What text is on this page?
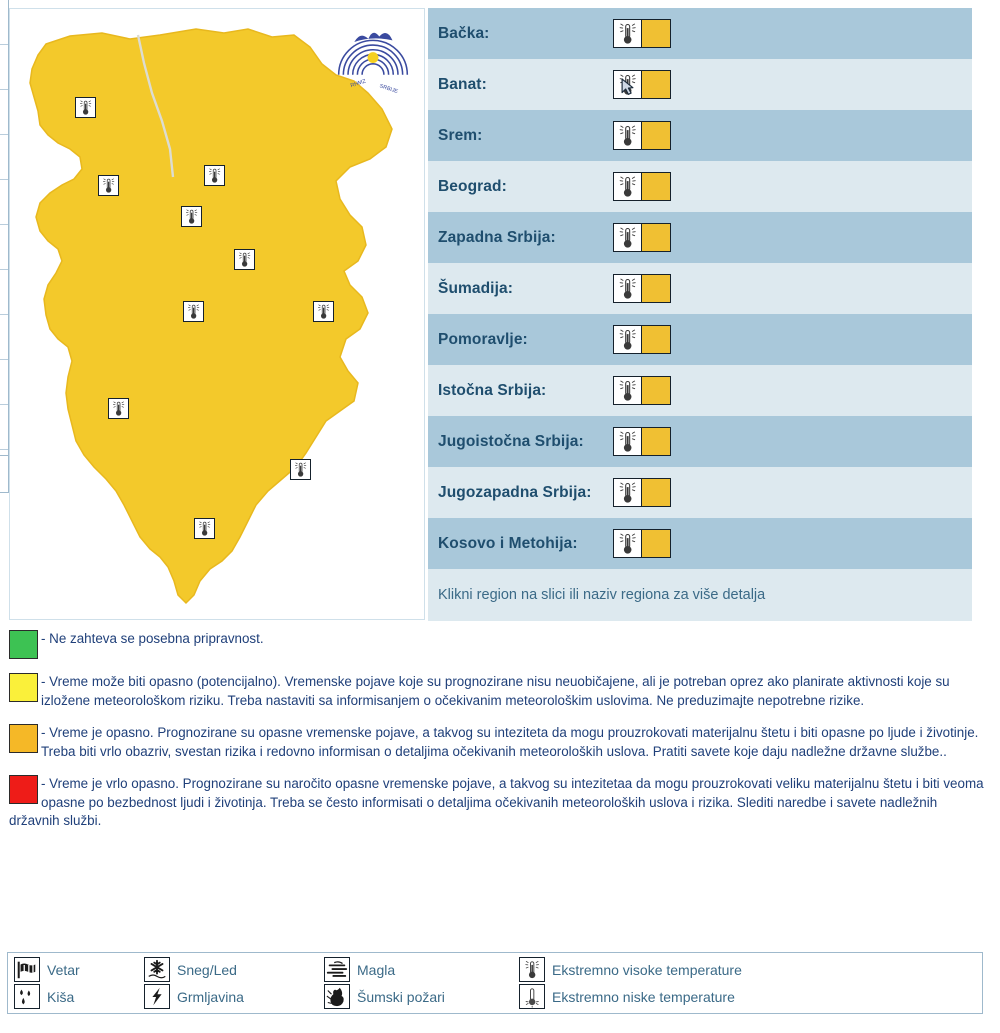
RHMZ SRBIJE
Bačka:
Banat:
Srem:
Beograd:
Zapadna Srbija:
Šumadija:
Pomoravlje:
Istočna Srbija:
Jugoistočna Srbija:
Jugozapadna Srbija:
Kosovo i Metohija:
Klikni region na slici ili naziv regiona za više detalja
- Ne zahteva se posebna pripravnost.
- Vreme može biti opasno (potencijalno). Vremenske pojave koje su prognozirane nisu neuobičajene, ali je potreban oprez ako planirate aktivnosti koje su izložene meteorološkom riziku. Treba nastaviti sa informisanjem o očekivanim meteorološkim uslovima. Ne preduzimajte nepotrebne rizike.
- Vreme je opasno. Prognozirane su opasne vremenske pojave, a takvog su inteziteta da mogu prouzrokovati materijalnu štetu i biti opasne po ljude i životinje. Treba biti vrlo obazriv, svestan rizika i redovno informisan o detaljima očekivanih meteoroloških uslova. Pratiti savete koje daju nadležne državne službe..
- Vreme je vrlo opasno. Prognozirane su naročito opasne vremenske pojave, a takvog su intezitetaa da mogu prouzrokovati veliku materijalnu štetu i biti veoma opasne po bezbednost ljudi i životinja. Treba se često informisati o detaljima očekivanih meteoroloških uslova i rizika. Slediti naredbe i savete nadležnih državnih službi.
Vetar
Kiša
Sneg/Led
Grmljavina
Magla
Šumski požari
Ekstremno visoke temperature
Ekstremno niske temperature
